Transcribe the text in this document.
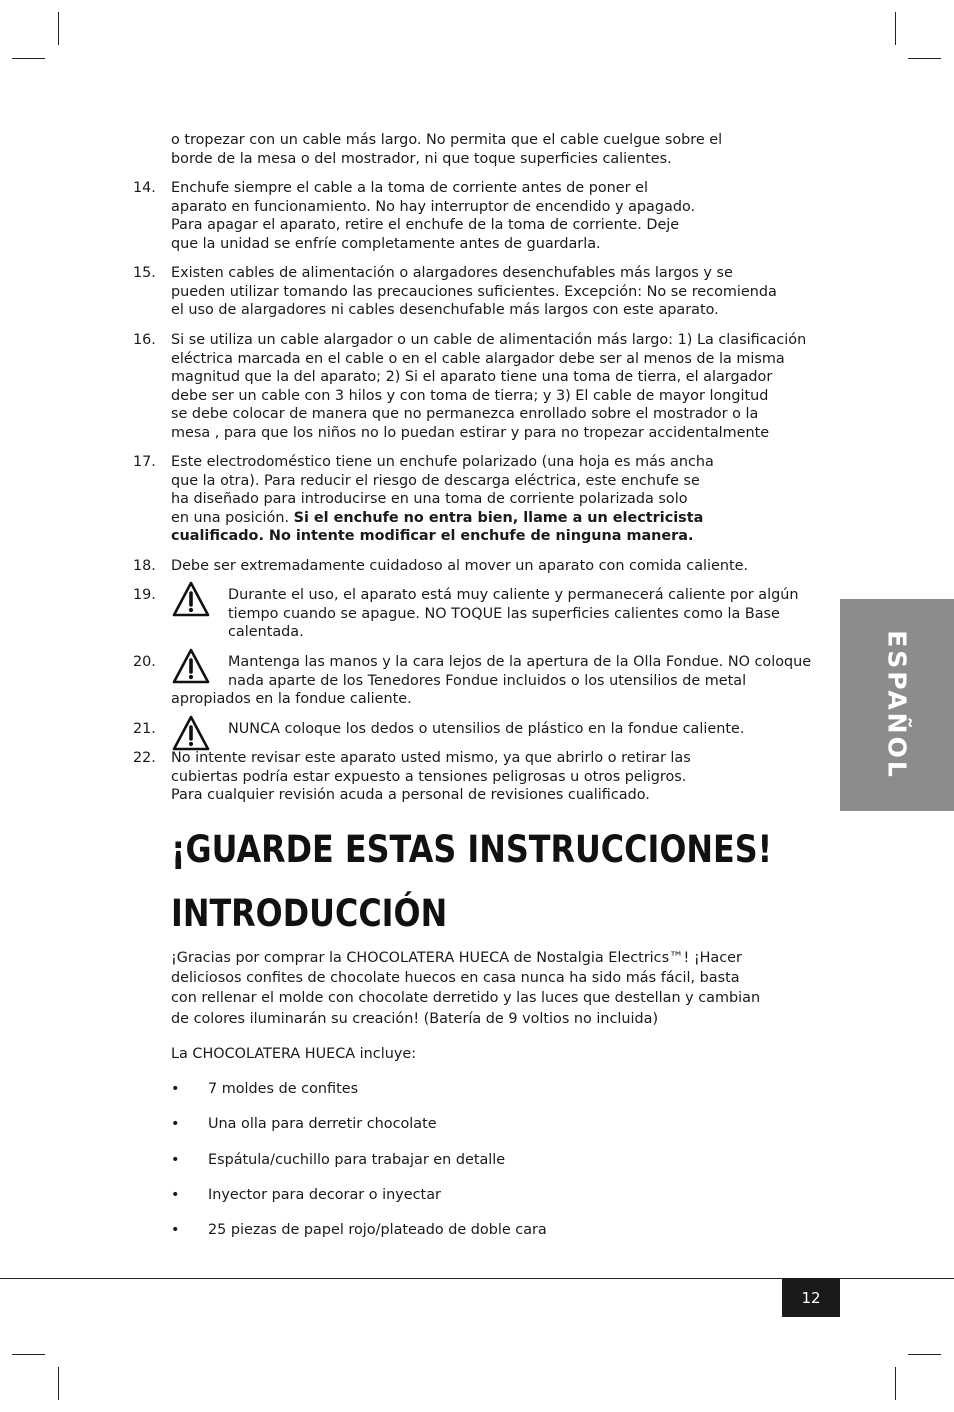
o tropezar con un cable más largo. No permita que el cable cuelgue sobre el
borde de la mesa o del mostrador, ni que toque superficies calientes.
14. Enchufe siempre el cable a la toma de corriente antes de poner el
aparato en funcionamiento. No hay interruptor de encendido y apagado.
Para apagar el aparato, retire el enchufe de la toma de corriente. Deje
que la unidad se enfríe completamente antes de guardarla.
15. Existen cables de alimentación o alargadores desenchufables más largos y se
pueden utilizar tomando las precauciones suficientes. Excepción: No se recomienda
el uso de alargadores ni cables desenchufable más largos con este aparato.
16. Si se utiliza un cable alargador o un cable de alimentación más largo: 1) La clasificación
eléctrica marcada en el cable o en el cable alargador debe ser al menos de la misma
magnitud que la del aparato; 2) Si el aparato tiene una toma de tierra, el alargador
debe ser un cable con 3 hilos y con toma de tierra; y 3) El cable de mayor longitud
se debe colocar de manera que no permanezca enrollado sobre el mostrador o la
mesa , para que los niños no lo puedan estirar y para no tropezar accidentalmente
17. Este electrodoméstico tiene un enchufe polarizado (una hoja es más ancha
que la otra). Para reducir el riesgo de descarga eléctrica, este enchufe se
ha diseñado para introducirse en una toma de corriente polarizada solo
en una posición. Si el enchufe no entra bien, llame a un electricista
cualificado. No intente modificar el enchufe de ninguna manera.
18. Debe ser extremadamente cuidadoso al mover un aparato con comida caliente.
19.	Durante el uso, el aparato está muy caliente y permanecerá caliente por algún
tiempo cuando se apague. NO TOQUE las superficies calientes como la Base
calentada.
20.	Mantenga las manos y la cara lejos de la apertura de la Olla Fondue. NO coloque
nada aparte de los Tenedores Fondue incluidos o los utensilios de metal
apropiados en la fondue caliente.
21.	NUNCA coloque los dedos o utensilios de plástico en la fondue caliente.
22. No intente revisar este aparato usted mismo, ya que abrirlo o retirar las
cubiertas podría estar expuesto a tensiones peligrosas u otros peligros.
Para cualquier revisión acuda a personal de revisiones cualificado.
¡GUARDE ESTAS INSTRUCCIONES!
INTRODUCCIÓN

¡Gracias por comprar la CHOCOLATERA HUECA de Nostalgia Electrics™! ¡Hacer
deliciosos confites de chocolate huecos en casa nunca ha sido más fácil, basta
con rellenar el molde con chocolate derretido y las luces que destellan y cambian
de colores iluminarán su creación! (Batería de 9 voltios no incluida)

La CHOCOLATERA HUECA incluye:

• 7 moldes de confites
• Una olla para derretir chocolate
• Espátula/cuchillo para trabajar en detalle
• Inyector para decorar o inyectar
• 25 piezas de papel rojo/plateado de doble cara
ESPAÑOL
12
